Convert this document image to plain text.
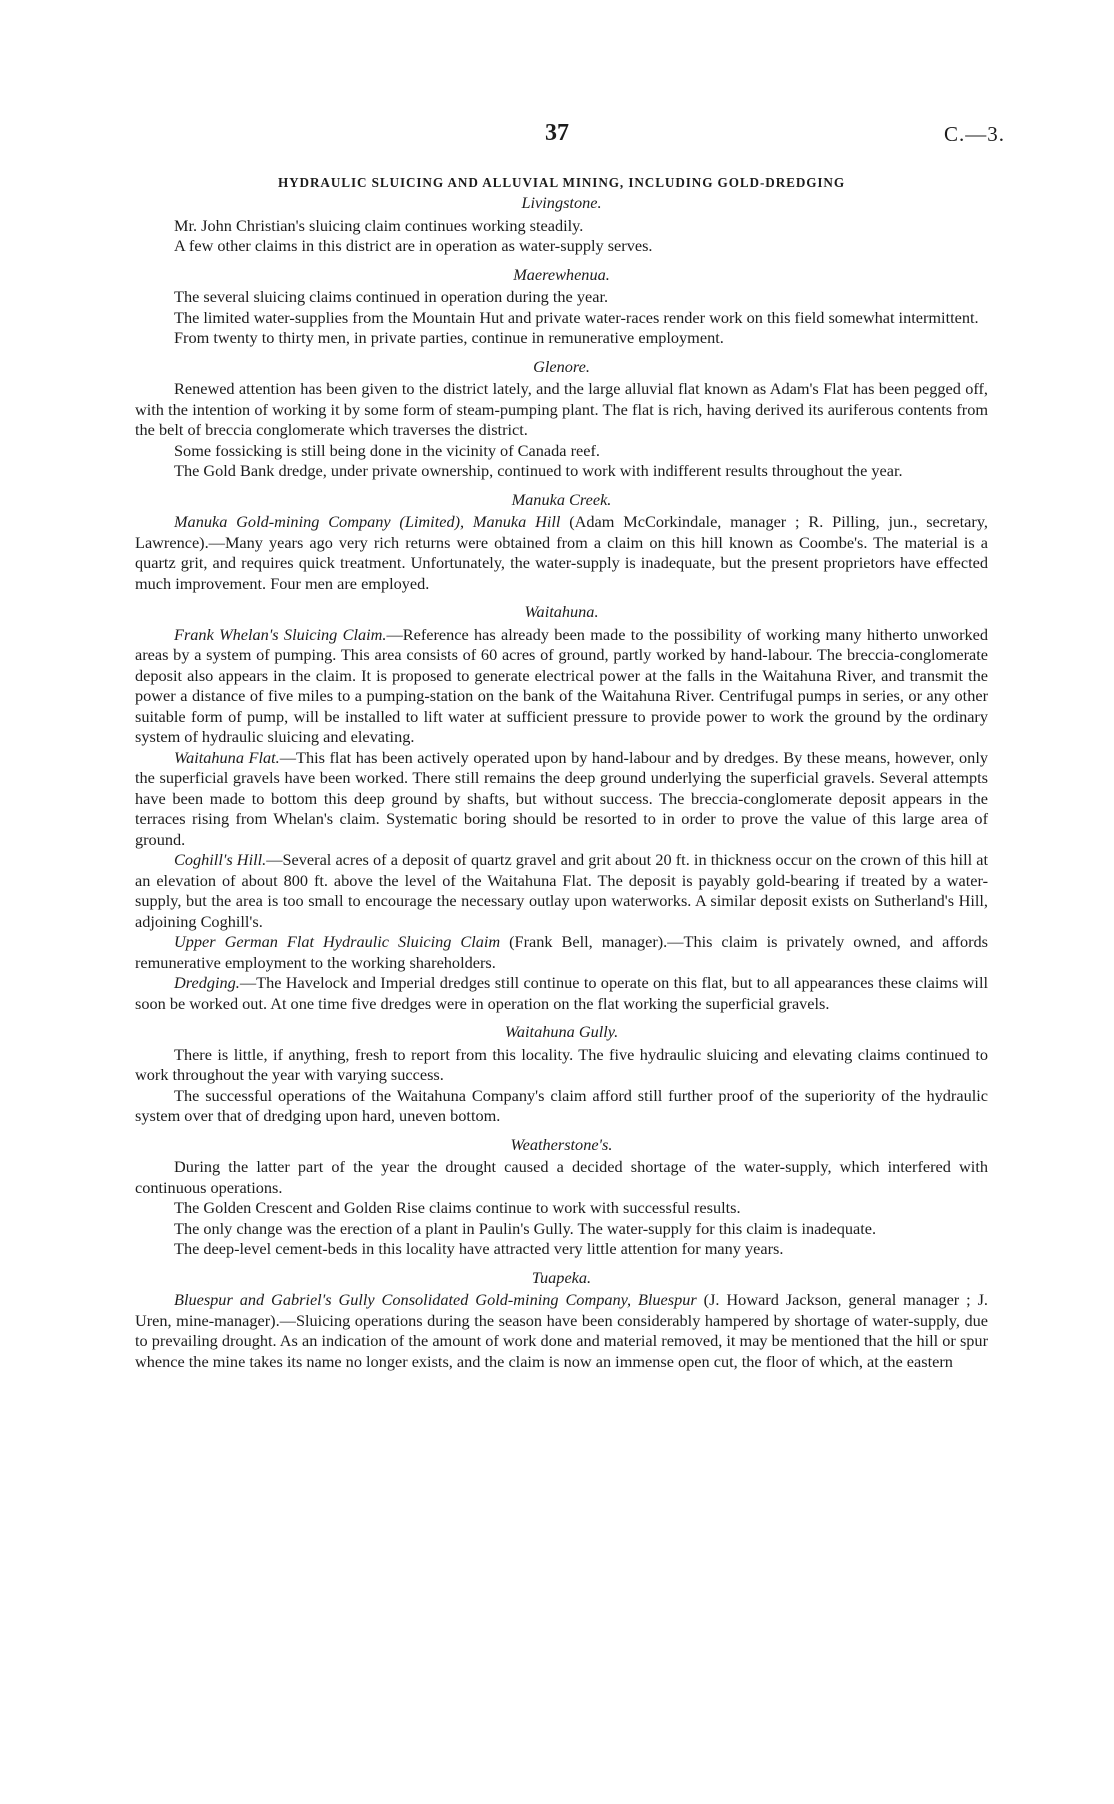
37	C.—3.
HYDRAULIC SLUICING AND ALLUVIAL MINING, INCLUDING GOLD-DREDGING
Livingstone.

Mr. John Christian's sluicing claim continues working steadily.

A few other claims in this district are in operation as water-supply serves.

Maerewhenua.

The several sluicing claims continued in operation during the year.

The limited water-supplies from the Mountain Hut and private water-races render work on this field somewhat intermittent.

From twenty to thirty men, in private parties, continue in remunerative employment.

Glenore.

Renewed attention has been given to the district lately, and the large alluvial flat known as Adam's Flat has been pegged off, with the intention of working it by some form of steam-pumping plant. The flat is rich, having derived its auriferous contents from the belt of breccia conglomerate which traverses the district.

Some fossicking is still being done in the vicinity of Canada reef.

The Gold Bank dredge, under private ownership, continued to work with indifferent results throughout the year.

Manuka Creek.

Manuka Gold-mining Company (Limited), Manuka Hill (Adam McCorkindale, manager ; R. Pilling, jun., secretary, Lawrence).—Many years ago very rich returns were obtained from a claim on this hill known as Coombe's. The material is a quartz grit, and requires quick treatment. Unfortunately, the water-supply is inadequate, but the present proprietors have effected much improvement. Four men are employed.

Waitahuna.

Frank Whelan's Sluicing Claim.—Reference has already been made to the possibility of working many hitherto unworked areas by a system of pumping. This area consists of 60 acres of ground, partly worked by hand-labour. The breccia-conglomerate deposit also appears in the claim. It is proposed to generate electrical power at the falls in the Waitahuna River, and transmit the power a distance of five miles to a pumping-station on the bank of the Waitahuna River. Centrifugal pumps in series, or any other suitable form of pump, will be installed to lift water at sufficient pressure to provide power to work the ground by the ordinary system of hydraulic sluicing and elevating.

Waitahuna Flat.—This flat has been actively operated upon by hand-labour and by dredges. By these means, however, only the superficial gravels have been worked. There still remains the deep ground underlying the superficial gravels. Several attempts have been made to bottom this deep ground by shafts, but without success. The breccia-conglomerate deposit appears in the terraces rising from Whelan's claim. Systematic boring should be resorted to in order to prove the value of this large area of ground.

Coghill's Hill.—Several acres of a deposit of quartz gravel and grit about 20 ft. in thickness occur on the crown of this hill at an elevation of about 800 ft. above the level of the Waitahuna Flat. The deposit is payably gold-bearing if treated by a water-supply, but the area is too small to encourage the necessary outlay upon waterworks. A similar deposit exists on Sutherland's Hill, adjoining Coghill's.

Upper German Flat Hydraulic Sluicing Claim (Frank Bell, manager).—This claim is privately owned, and affords remunerative employment to the working shareholders.

Dredging.—The Havelock and Imperial dredges still continue to operate on this flat, but to all appearances these claims will soon be worked out. At one time five dredges were in operation on the flat working the superficial gravels.

Waitahuna Gully.

There is little, if anything, fresh to report from this locality. The five hydraulic sluicing and elevating claims continued to work throughout the year with varying success.

The successful operations of the Waitahuna Company's claim afford still further proof of the superiority of the hydraulic system over that of dredging upon hard, uneven bottom.

Weatherstone's.

During the latter part of the year the drought caused a decided shortage of the water-supply, which interfered with continuous operations.

The Golden Crescent and Golden Rise claims continue to work with successful results.

The only change was the erection of a plant in Paulin's Gully. The water-supply for this claim is inadequate.

The deep-level cement-beds in this locality have attracted very little attention for many years.

Tuapeka.

Bluespur and Gabriel's Gully Consolidated Gold-mining Company, Bluespur (J. Howard Jackson, general manager ; J. Uren, mine-manager).—Sluicing operations during the season have been considerably hampered by shortage of water-supply, due to prevailing drought. As an indication of the amount of work done and material removed, it may be mentioned that the hill or spur whence the mine takes its name no longer exists, and the claim is now an immense open cut, the floor of which, at the eastern
